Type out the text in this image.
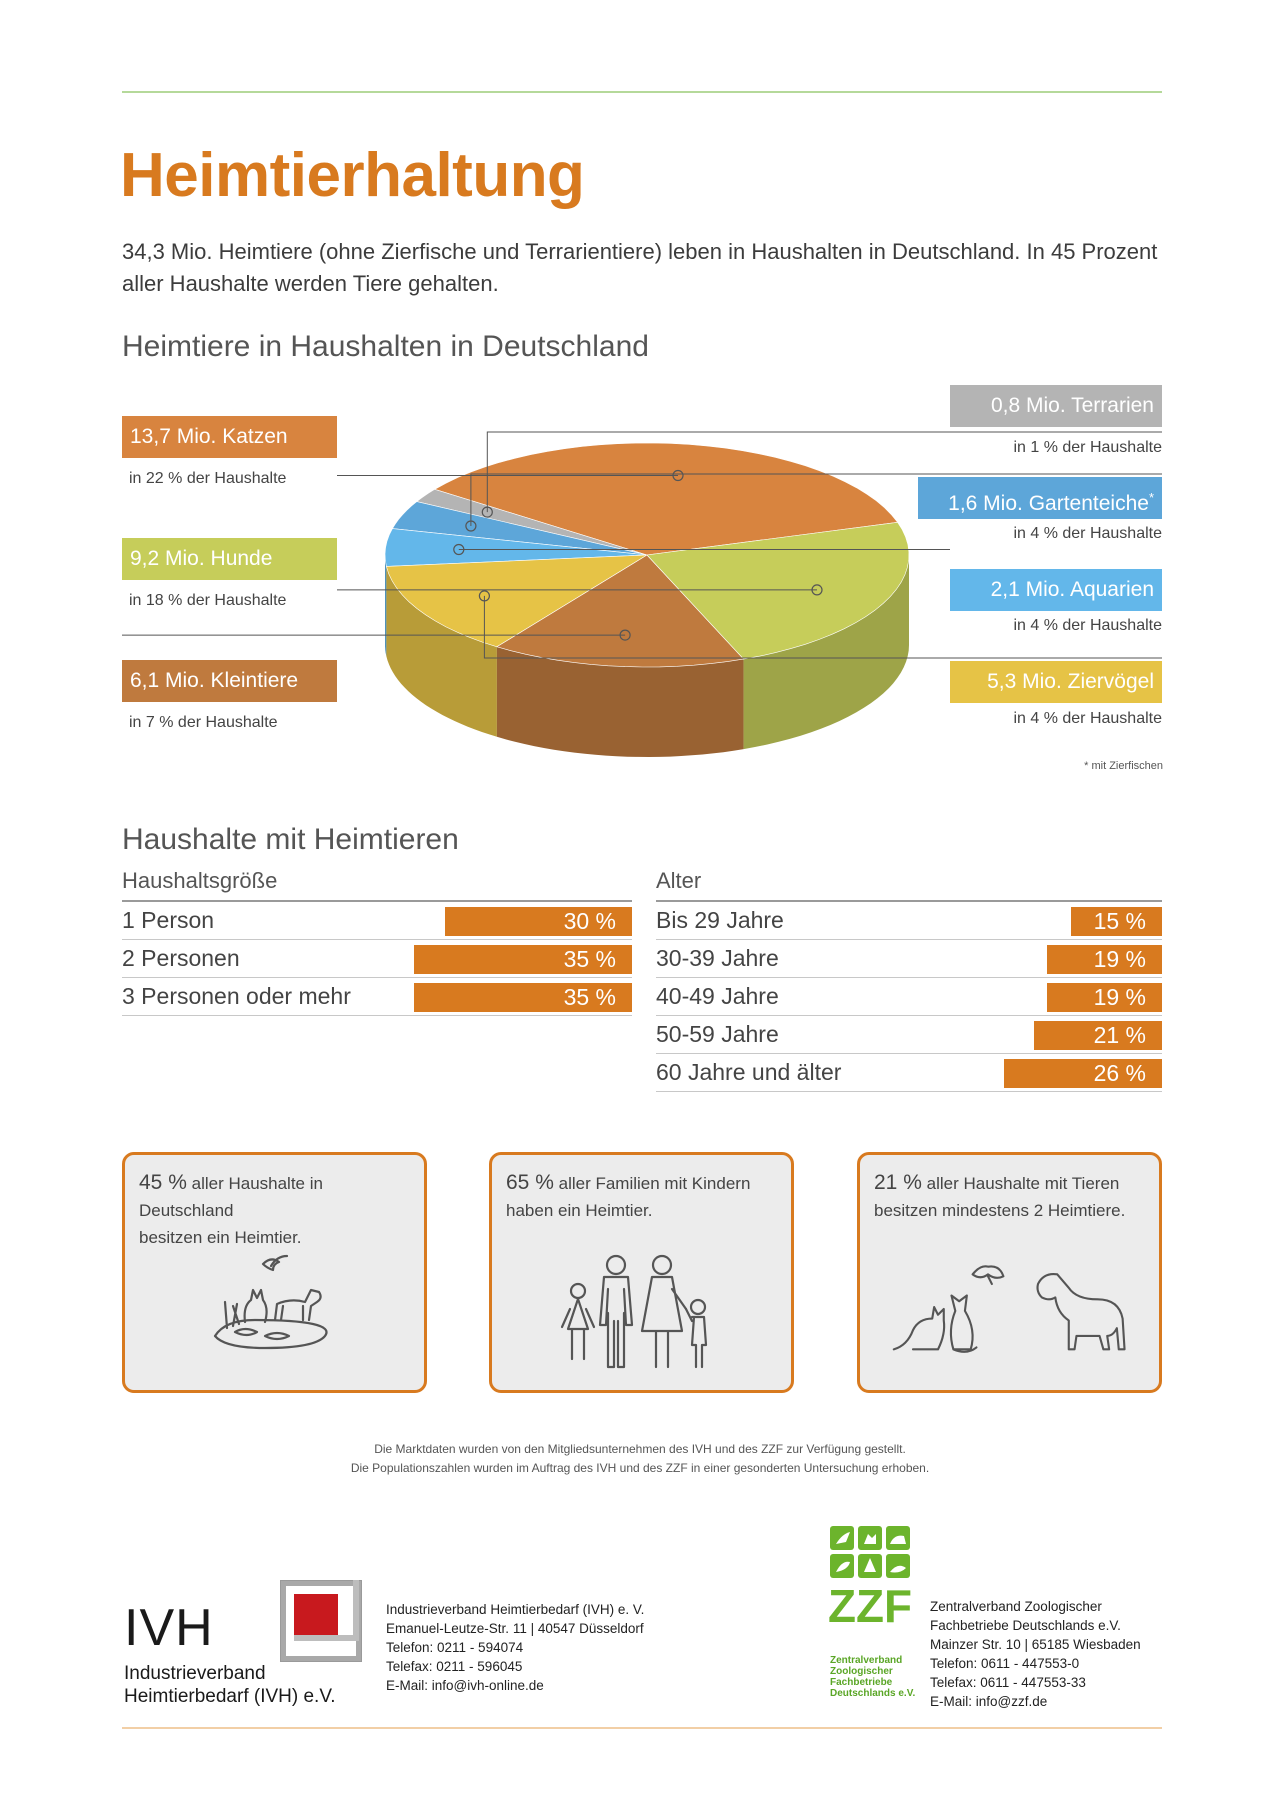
Heimtierhaltung
34,3 Mio. Heimtiere (ohne Zierfische und Terrarientiere) leben in Haushalten in Deutschland. In 45 Prozent aller Haushalte werden Tiere gehalten.
Heimtiere in Haushalten in Deutschland
13,7 Mio. Katzen
in 22 % der Haushalte
9,2 Mio. Hunde
in 18 % der Haushalte
6,1 Mio. Kleintiere
in 7 % der Haushalte
0,8 Mio. Terrarien
in 1 % der Haushalte
1,6 Mio. Gartenteiche*
in 4 % der Haushalte
2,1 Mio. Aquarien
in 4 % der Haushalte
5,3 Mio. Ziervögel
in 4 % der Haushalte
* mit Zierfischen
Haushalte mit Heimtieren
Haushaltsgröße
1 Person	30 %
2 Personen	35 %
3 Personen oder mehr	35 %
Alter
Bis 29 Jahre	15 %
30-39 Jahre	19 %
40-49 Jahre	19 %
50-59 Jahre	21 %
60 Jahre und älter	26 %
45 % aller Haushalte in Deutschland
besitzen ein Heimtier.
65 % aller Familien mit Kindern
haben ein Heimtier.
21 % aller Haushalte mit Tieren
besitzen mindestens 2 Heimtiere.
Die Marktdaten wurden von den Mitgliedsunternehmen des IVH und des ZZF zur Verfügung gestellt.
Die Populationszahlen wurden im Auftrag des IVH und des ZZF in einer gesonderten Untersuchung erhoben.
IVH
Industrieverband
Heimtierbedarf (IVH) e.V.
Industrieverband Heimtierbedarf (IVH) e. V.
Emanuel-Leutze-Str. 11 | 40547 Düsseldorf
Telefon: 0211 - 594074
Telefax: 0211 - 596045
E-Mail: info@ivh-online.de
ZZF
Zentralverband
Zoologischer
Fachbetriebe
Deutschlands e.V.
Zentralverband Zoologischer
Fachbetriebe Deutschlands e.V.
Mainzer Str. 10 | 65185 Wiesbaden
Telefon: 0611 - 447553-0
Telefax: 0611 - 447553-33
E-Mail: info@zzf.de
